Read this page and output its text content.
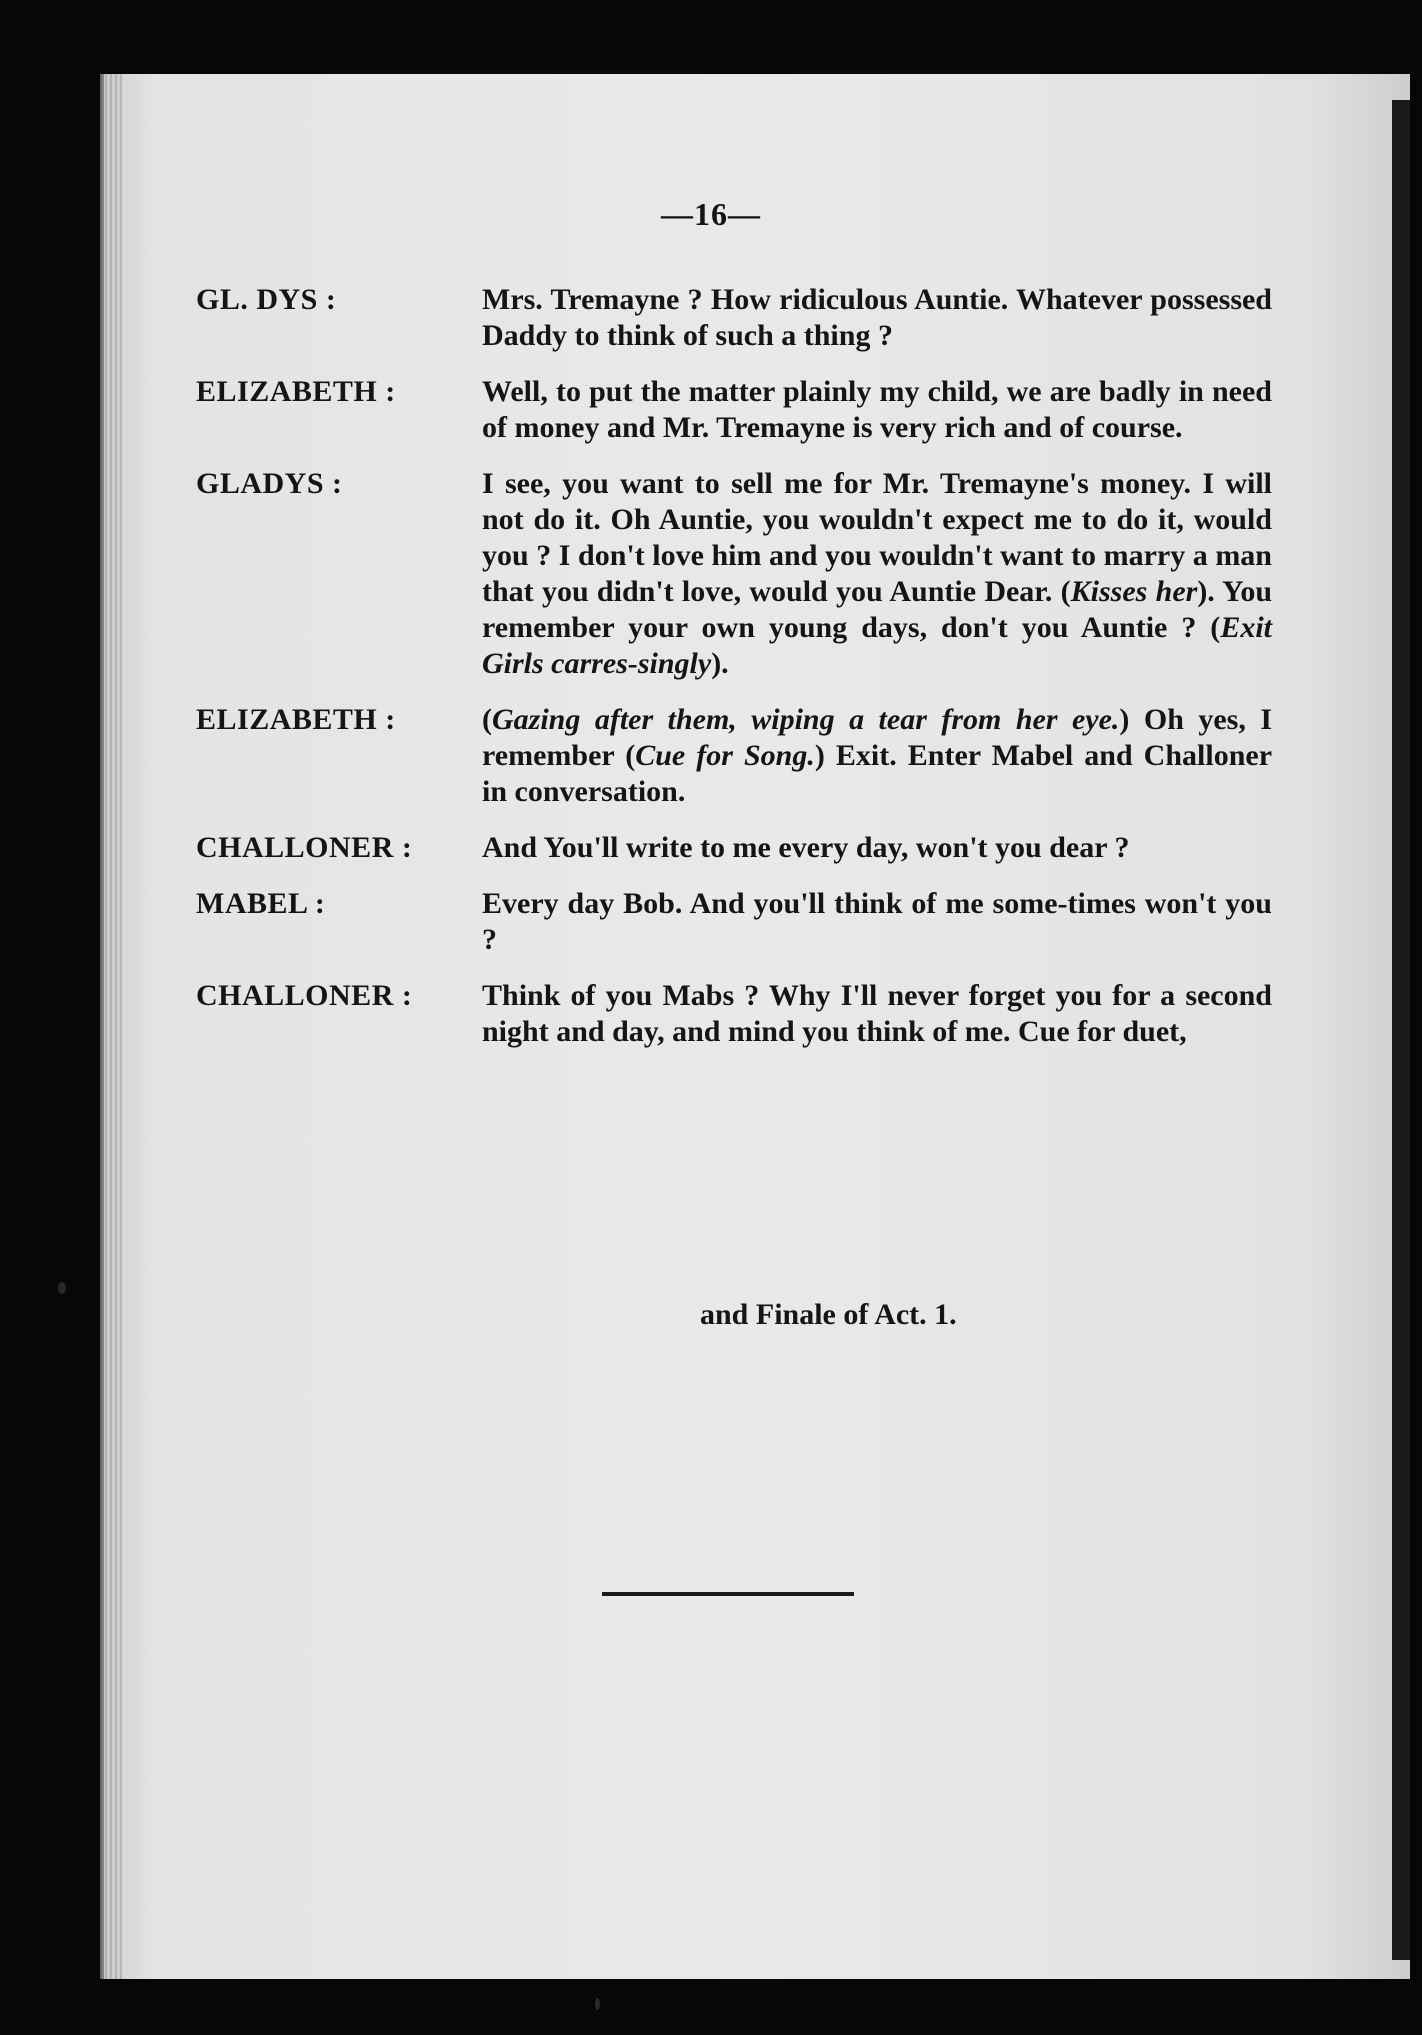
—16—
GL. DYS :	Mrs. Tremayne ? How ridiculous Auntie. Whatever possessed Daddy to think of such a thing ?
ELIZABETH :	Well, to put the matter plainly my child, we are badly in need of money and Mr. Tremayne is very rich and of course.
GLADYS :	I see, you want to sell me for Mr. Tremayne's money. I will not do it. Oh Auntie, you wouldn't expect me to do it, would you ? I don't love him and you wouldn't want to marry a man that you didn't love, would you Auntie Dear. (Kisses her). You remember your own young days, don't you Auntie ? (Exit Girls carres-singly).
ELIZABETH :	(Gazing after them, wiping a tear from her eye.) Oh yes, I remember (Cue for Song.) Exit. Enter Mabel and Challoner in conversation.
CHALLONER :	And You'll write to me every day, won't you dear ?
MABEL :	Every day Bob. And you'll think of me some-times won't you ?
CHALLONER :	Think of you Mabs ? Why I'll never forget you for a second night and day, and mind you think of me. Cue for duet,
and Finale of Act. 1.
